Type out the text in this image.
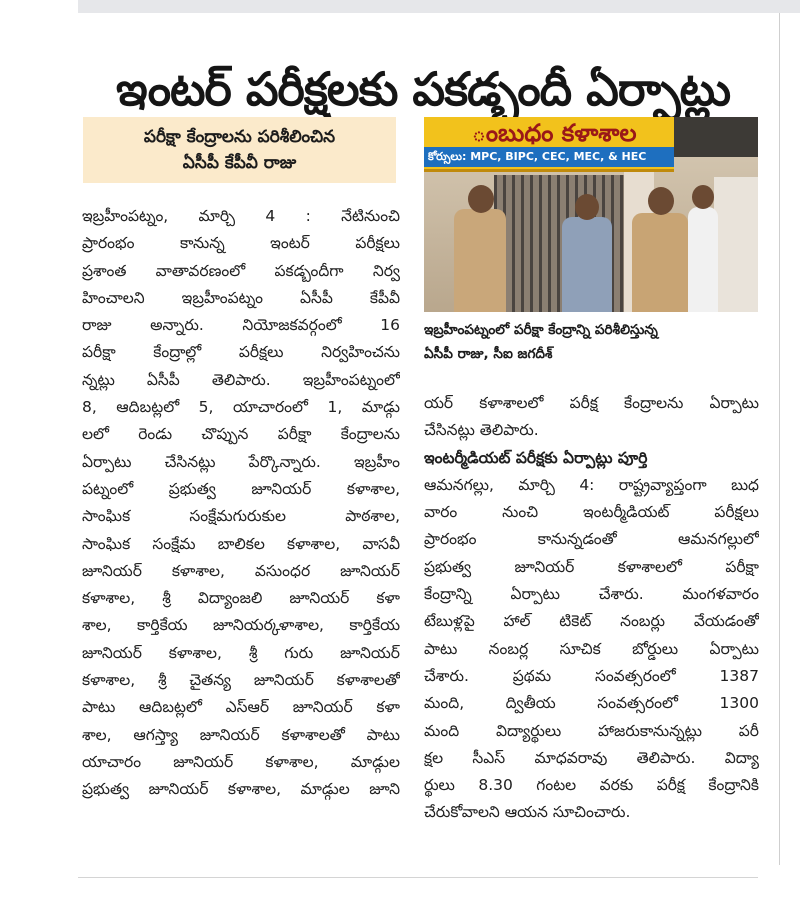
ఇంటర్ పరీక్షలకు పకడ్బందీ ఏర్పాట్లు
పరీక్షా కేంద్రాలను పరిశీలించిన
ఏసీపీ కేపీవీ రాజు
ఇబ్రహీంపట్నం, మార్చి 4 : నేటినుంచి
ప్రారంభం కానున్న ఇంటర్ పరీక్షలు
ప్రశాంత వాతావరణంలో పకడ్బందీగా నిర్వ
హించాలని ఇబ్రహీంపట్నం ఏసీపీ కేపీవీ
రాజు అన్నారు. నియోజకవర్గంలో 16
పరీక్షా కేంద్రాల్లో పరీక్షలు నిర్వహించను
న్నట్లు ఏసీపీ తెలిపారు. ఇబ్రహీంపట్నంలో
8, ఆదిబట్లలో 5, యాచారంలో 1, మాడ్గు
లలో రెండు చొప్పున పరీక్షా కేంద్రాలను
ఏర్పాటు చేసినట్లు పేర్కొన్నారు. ఇబ్రహీం
పట్నంలో ప్రభుత్వ జూనియర్ కళాశాల,
సాంఘిక సంక్షేమగురుకుల పాఠశాల,
సాంఘిక సంక్షేమ బాలికల కళాశాల, వాసవీ
జూనియర్ కళాశాల, వసుంధర జూనియర్
కళాశాల, శ్రీ విద్యాంజలి జూనియర్ కళా
శాల, కార్తికేయ జూనియర్కళాశాల, కార్తికేయ
జూనియర్ కళాశాల, శ్రీ గురు జూనియర్
కళాశాల, శ్రీ చైతన్య జూనియర్ కళాశాలతో
పాటు ఆదిబట్లలో ఎస్ఆర్ జూనియర్ కళా
శాల, ఆగస్త్యా జూనియర్ కళాశాలతో పాటు
యాచారం జూనియర్ కళాశాల, మాడ్గుల
ప్రభుత్వ జూనియర్ కళాశాల, మాడ్గుల జూని
ంబుధం కళాశాల
కోర్సులు: MPC, BIPC, CEC, MEC, & HEC
ఇబ్రహీంపట్నంలో పరీక్షా కేంద్రాన్ని పరిశీలిస్తున్న
ఏసీపీ రాజు, సీఐ జగదీశ్
యర్ కళాశాలలో పరీక్ష కేంద్రాలను ఏర్పాటు
చేసినట్లు తెలిపారు.
ఇంటర్మీడియట్ పరీక్షకు ఏర్పాట్లు పూర్తి
ఆమనగల్లు, మార్చి 4: రాష్ట్రవ్యాప్తంగా బుధ
వారం నుంచి ఇంటర్మీడియట్ పరీక్షలు
ప్రారంభం కానున్నడంతో ఆమనగల్లులో
ప్రభుత్వ జూనియర్ కళాశాలలో పరీక్షా
కేంద్రాన్ని ఏర్పాటు చేశారు. మంగళవారం
టేబుళ్లపై హాల్ టికెట్ నంబర్లు వేయడంతో
పాటు నంబర్ల సూచిక బోర్డులు ఏర్పాటు
చేశారు. ప్రథమ సంవత్సరంలో 1387
మంది, ద్వితీయ సంవత్సరంలో 1300
మంది విద్యార్థులు హాజరుకానున్నట్లు పరీ
క్షల సీఎస్ మాధవరావు తెలిపారు. విద్యా
ర్థులు 8.30 గంటల వరకు పరీక్ష కేంద్రానికి
చేరుకోవాలని ఆయన సూచించారు.
